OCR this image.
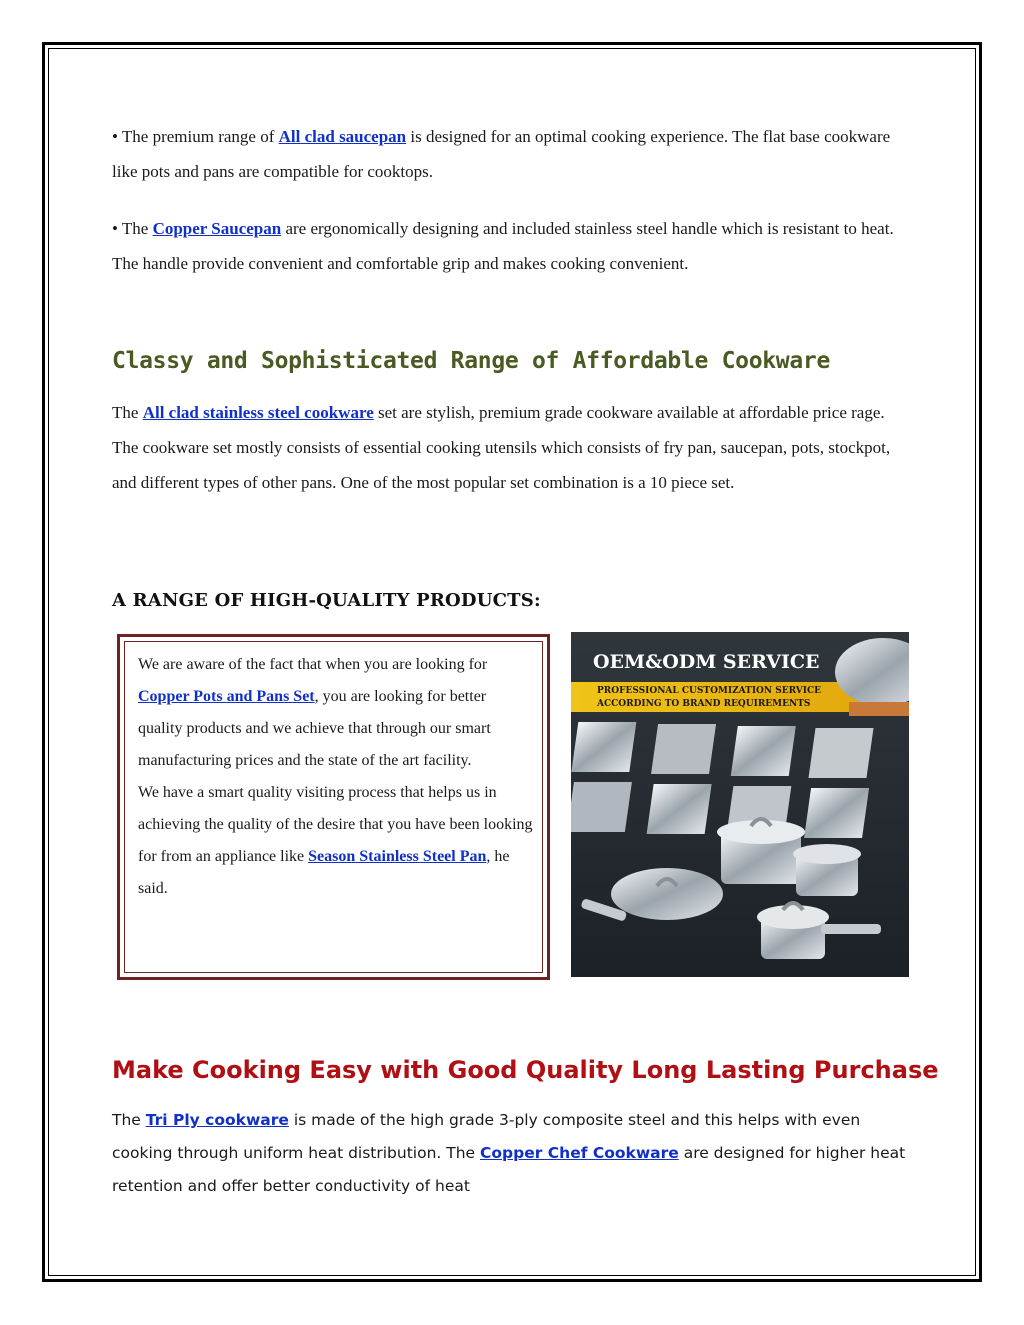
• The premium range of All clad saucepan is designed for an optimal cooking experience. The flat base cookware like pots and pans are compatible for cooktops.

• The Copper Saucepan are ergonomically designing and included stainless steel handle which is resistant to heat. The handle provide convenient and comfortable grip and makes cooking convenient.

Classy and Sophisticated Range of Affordable Cookware

The All clad stainless steel cookware set are stylish, premium grade cookware available at affordable price rage. The cookware set mostly consists of essential cooking utensils which consists of fry pan, saucepan, pots, stockpot, and different types of other pans. One of the most popular set combination is a 10 piece set.

A RANGE OF HIGH-QUALITY PRODUCTS:

We are aware of the fact that when you are looking for Copper Pots and Pans Set, you are looking for better quality products and we achieve that through our smart manufacturing prices and the state of the art facility.
We have a smart quality visiting process that helps us in achieving the quality of the desire that you have been looking for from an appliance like Season Stainless Steel Pan, he said.

OEM&ODM SERVICE
PROFESSIONAL CUSTOMIZATION SERVICE
ACCORDING TO BRAND REQUIREMENTS
Make Cooking Easy with Good Quality Long Lasting Purchase

The Tri Ply cookware is made of the high grade 3-ply composite steel and this helps with even cooking through uniform heat distribution. The Copper Chef Cookware are designed for higher heat retention and offer better conductivity of heat
